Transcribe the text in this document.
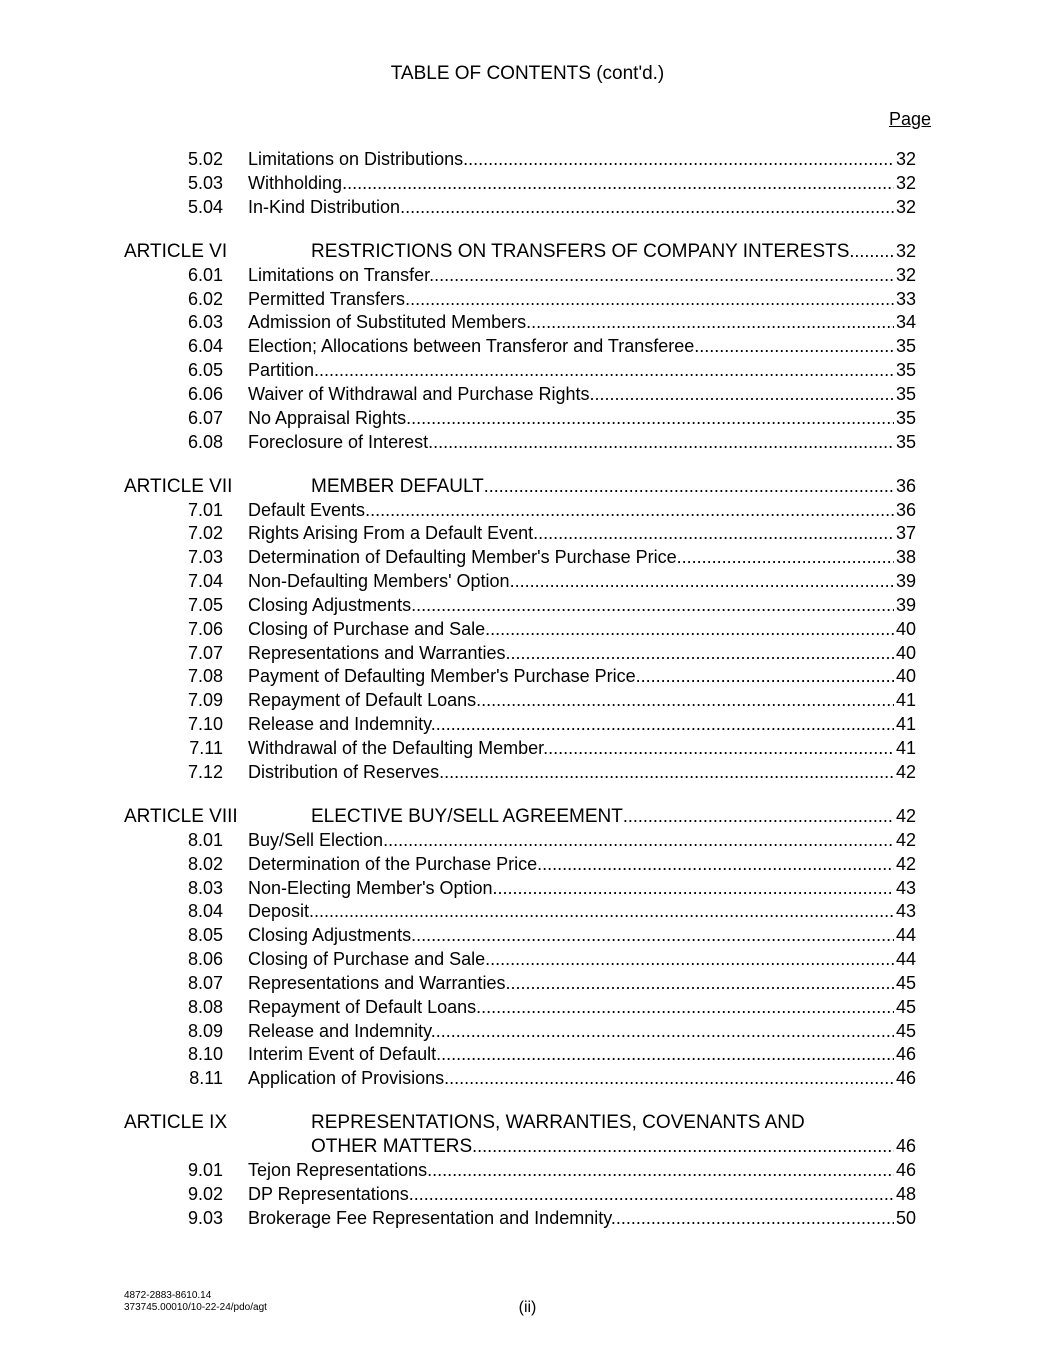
TABLE OF CONTENTS (cont'd.)
Page
5.02 Limitations on Distributions .....	32
5.03 Withholding .....	32
5.04 In-Kind Distribution .....	32
ARTICLE VI	RESTRICTIONS ON TRANSFERS OF COMPANY INTERESTS .....	32
6.01 Limitations on Transfer .....	32
6.02 Permitted Transfers .....	33
6.03 Admission of Substituted Members .....	34
6.04 Election; Allocations between Transferor and Transferee .....	35
6.05 Partition .....	35
6.06 Waiver of Withdrawal and Purchase Rights .....	35
6.07 No Appraisal Rights .....	35
6.08 Foreclosure of Interest .....	35
ARTICLE VII	MEMBER DEFAULT .....	36
7.01 Default Events .....	36
7.02 Rights Arising From a Default Event .....	37
7.03 Determination of Defaulting Member's Purchase Price .....	38
7.04 Non-Defaulting Members' Option .....	39
7.05 Closing Adjustments .....	39
7.06 Closing of Purchase and Sale .....	40
7.07 Representations and Warranties .....	40
7.08 Payment of Defaulting Member's Purchase Price .....	40
7.09 Repayment of Default Loans .....	41
7.10 Release and Indemnity .....	41
7.11 Withdrawal of the Defaulting Member .....	41
7.12 Distribution of Reserves .....	42
ARTICLE VIII	ELECTIVE BUY/SELL AGREEMENT .....	42
8.01 Buy/Sell Election .....	42
8.02 Determination of the Purchase Price .....	42
8.03 Non-Electing Member's Option .....	43
8.04 Deposit .....	43
8.05 Closing Adjustments .....	44
8.06 Closing of Purchase and Sale .....	44
8.07 Representations and Warranties .....	45
8.08 Repayment of Default Loans .....	45
8.09 Release and Indemnity .....	45
8.10 Interim Event of Default .....	46
8.11 Application of Provisions .....	46
ARTICLE IX	REPRESENTATIONS, WARRANTIES, COVENANTS AND
OTHER MATTERS .....	46
9.01 Tejon Representations .....	46
9.02 DP Representations .....	48
9.03 Brokerage Fee Representation and Indemnity .....	50
4872-2883-8610.14
373745.00010/10-22-24/pdo/agt	(ii)
